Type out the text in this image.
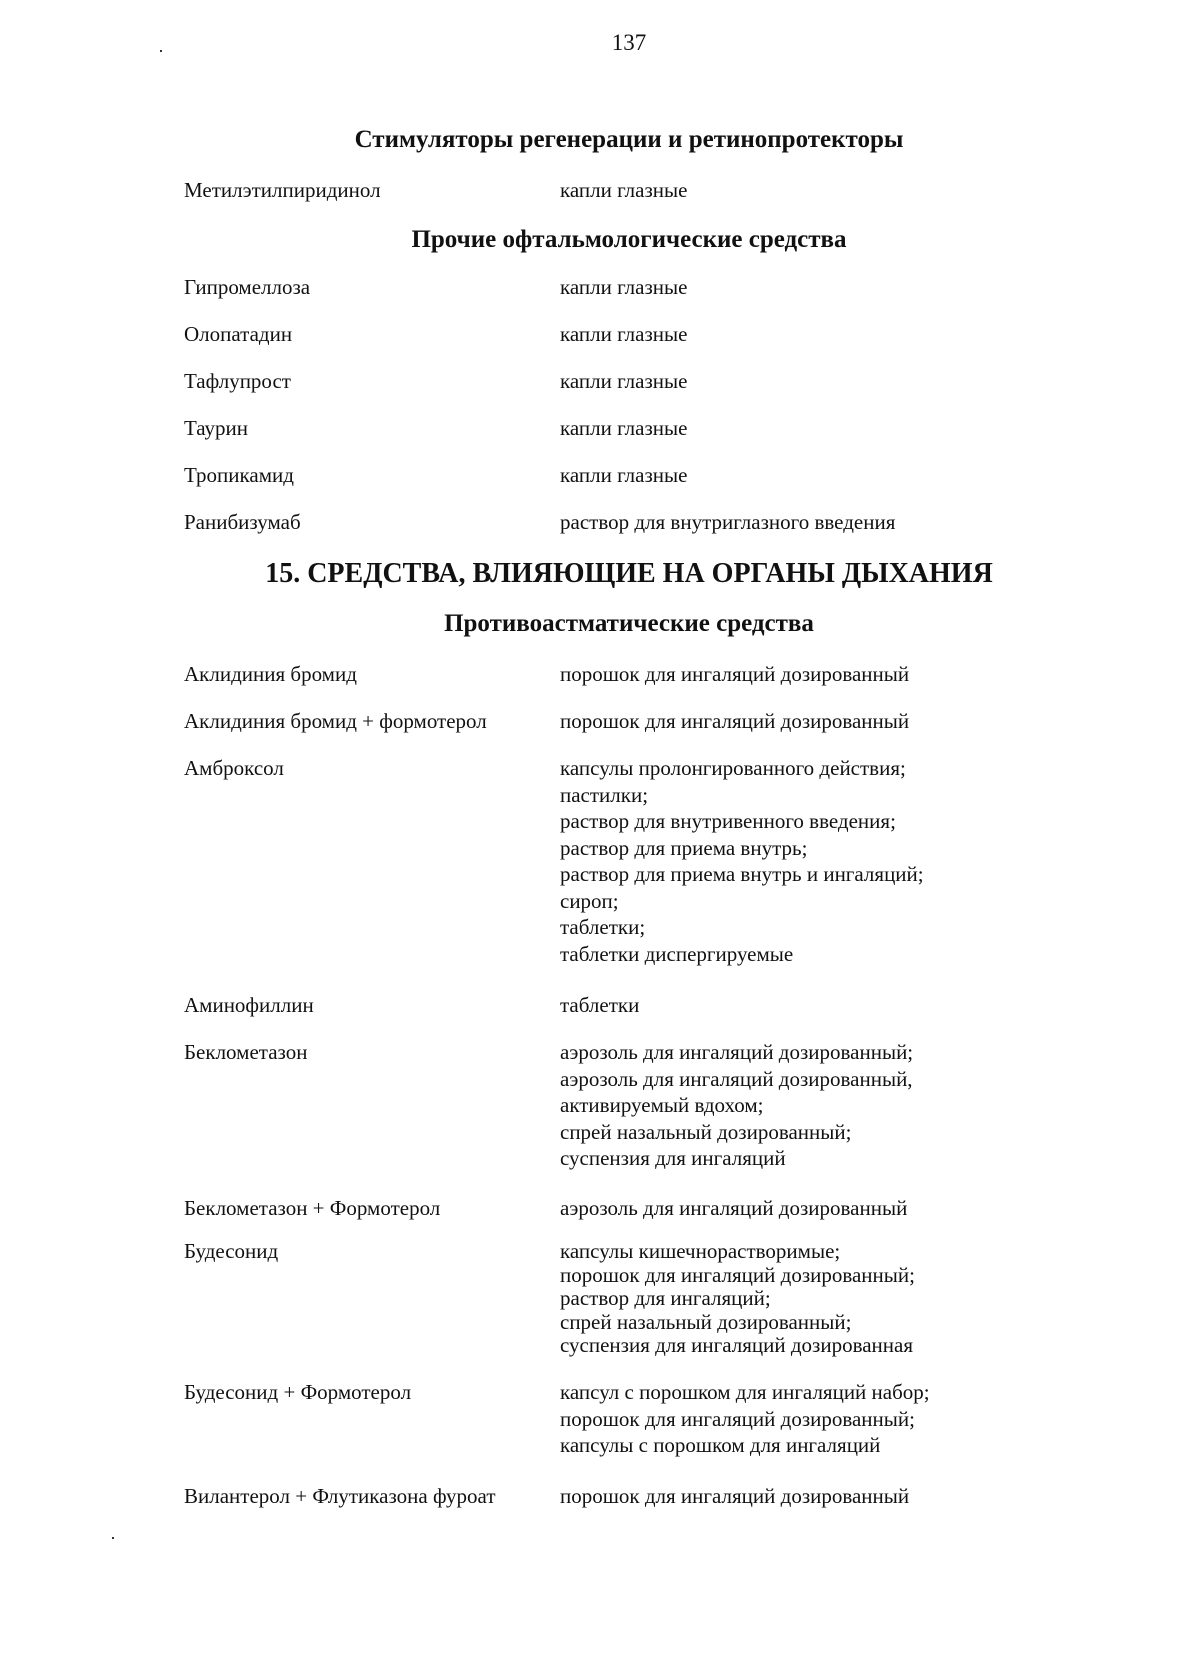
137
Стимуляторы регенерации и ретинопротекторы
Метилэтилпиридинол	капли глазные
Прочие офтальмологические средства
Гипромеллоза	капли глазные
Олопатадин	капли глазные
Тафлупрост	капли глазные
Таурин	капли глазные
Тропикамид	капли глазные
Ранибизумаб	раствор для внутриглазного введения
15. СРЕДСТВА, ВЛИЯЮЩИЕ НА ОРГАНЫ ДЫХАНИЯ
Противоастматические средства
Аклидиния бромид	порошок для ингаляций дозированный
Аклидиния бромид + формотерол	порошок для ингаляций дозированный
Амброксол	капсулы пролонгированного действия;
пастилки;
раствор для внутривенного введения;
раствор для приема внутрь;
раствор для приема внутрь и ингаляций;
сироп;
таблетки;
таблетки диспергируемые
Аминофиллин	таблетки
Беклометазон	аэрозоль для ингаляций дозированный;
аэрозоль для ингаляций дозированный,
активируемый вдохом;
спрей назальный дозированный;
суспензия для ингаляций
Беклометазон + Формотерол	аэрозоль для ингаляций дозированный
Будесонид	капсулы кишечнорастворимые;
порошок для ингаляций дозированный;
раствор для ингаляций;
спрей назальный дозированный;
суспензия для ингаляций дозированная
Будесонид + Формотерол	капсул с порошком для ингаляций набор;
порошок для ингаляций дозированный;
капсулы с порошком для ингаляций
Вилантерол + Флутиказона фуроат	порошок для ингаляций дозированный
